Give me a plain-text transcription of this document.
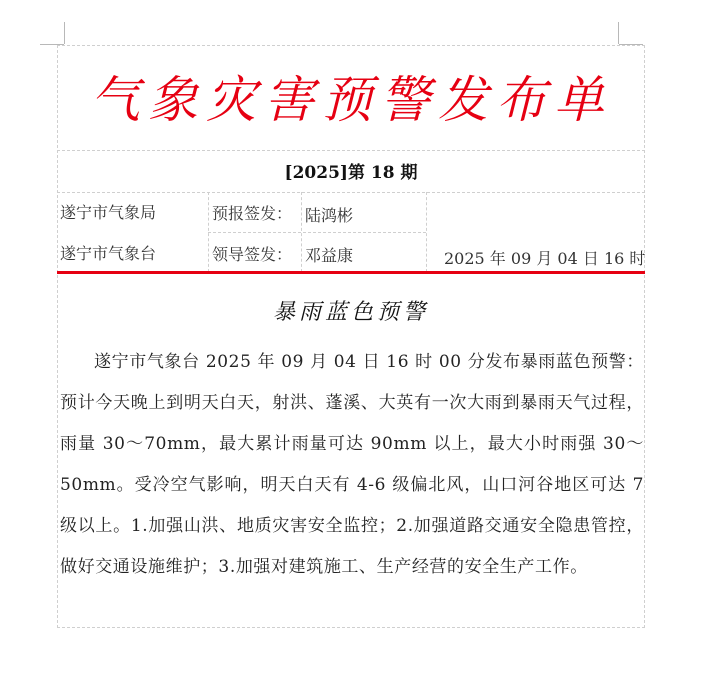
气象灾害预警发布单
[2025]第 18 期
遂宁市气象局
遂宁市气象台
预报签发： 陆鸿彬
领导签发： 邓益康	2025 年 09 月 04 日 16 时
暴雨蓝色预警
遂宁市气象台 2025 年 09 月 04 日 16 时 00 分发布暴雨蓝色预警：预计今天晚上到明天白天，射洪、蓬溪、大英有一次大雨到暴雨天气过程，雨量 30～70mm，最大累计雨量可达 90mm 以上，最大小时雨强 30～50mm。受冷空气影响，明天白天有 4-6 级偏北风，山口河谷地区可达 7 级以上。1.加强山洪、地质灾害安全监控；2.加强道路交通安全隐患管控，做好交通设施维护；3.加强对建筑施工、生产经营的安全生产工作。
